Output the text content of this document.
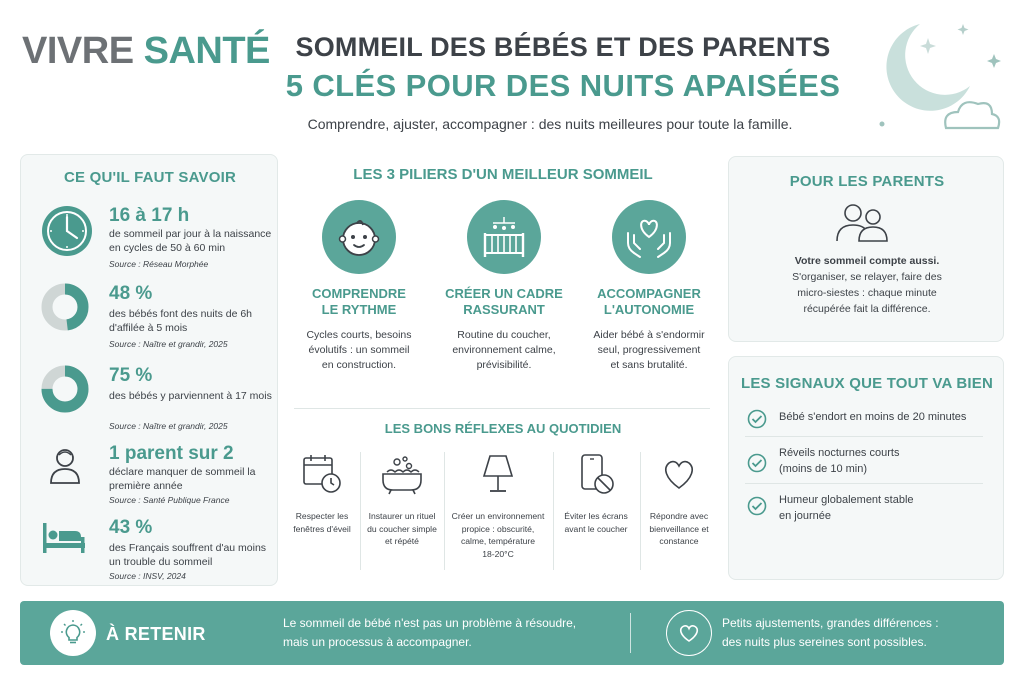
VIVRE SANTÉ SOMMEIL DES BÉBÉS ET DES PARENTS
5 CLÉS POUR DES NUITS APAISÉES
Comprendre, ajuster, accompagner : des nuits meilleures pour toute la famille.
CE QU'IL FAUT SAVOIR
16 à 17 h
de sommeil par jour à la naissance en cycles de 50 à 60 min
Source : Réseau Morphée
48 %
des bébés font des nuits de 6h d'affilée à 5 mois
Source : Naître et grandir, 2025
75 %
des bébés y parviennent à 17 mois
Source : Naître et grandir, 2025
1 parent sur 2
déclare manquer de sommeil la première année
Source : Santé Publique France
43 %
des Français souffrent d'au moins un trouble du sommeil
Source : INSV, 2024
LES 3 PILIERS D'UN MEILLEUR SOMMEIL
COMPRENDRE
LE RYTHME
Cycles courts, besoins
évolutifs : un sommeil
en construction.
CRÉER UN CADRE
RASSURANT
Routine du coucher,
environnement calme,
prévisibilité.
ACCOMPAGNER
L'AUTONOMIE
Aider bébé à s'endormir
seul, progressivement
et sans brutalité.
LES BONS RÉFLEXES AU QUOTIDIEN
Respecter les
fenêtres d'éveil
Instaurer un rituel
du coucher simple
et répété
Créer un environnement
propice : obscurité,
calme, température
18-20°C
Éviter les écrans
avant le coucher
Répondre avec
bienveillance et
constance
POUR LES PARENTS
Votre sommeil compte aussi.
S'organiser, se relayer, faire des
micro-siestes : chaque minute
récupérée fait la différence.
LES SIGNAUX QUE TOUT VA BIEN
Bébé s'endort en moins de 20 minutes
Réveils nocturnes courts
(moins de 10 min)
Humeur globalement stable
en journée
À RETENIR
Le sommeil de bébé n'est pas un problème à résoudre,
mais un processus à accompagner.
Petits ajustements, grandes différences :
des nuits plus sereines sont possibles.
